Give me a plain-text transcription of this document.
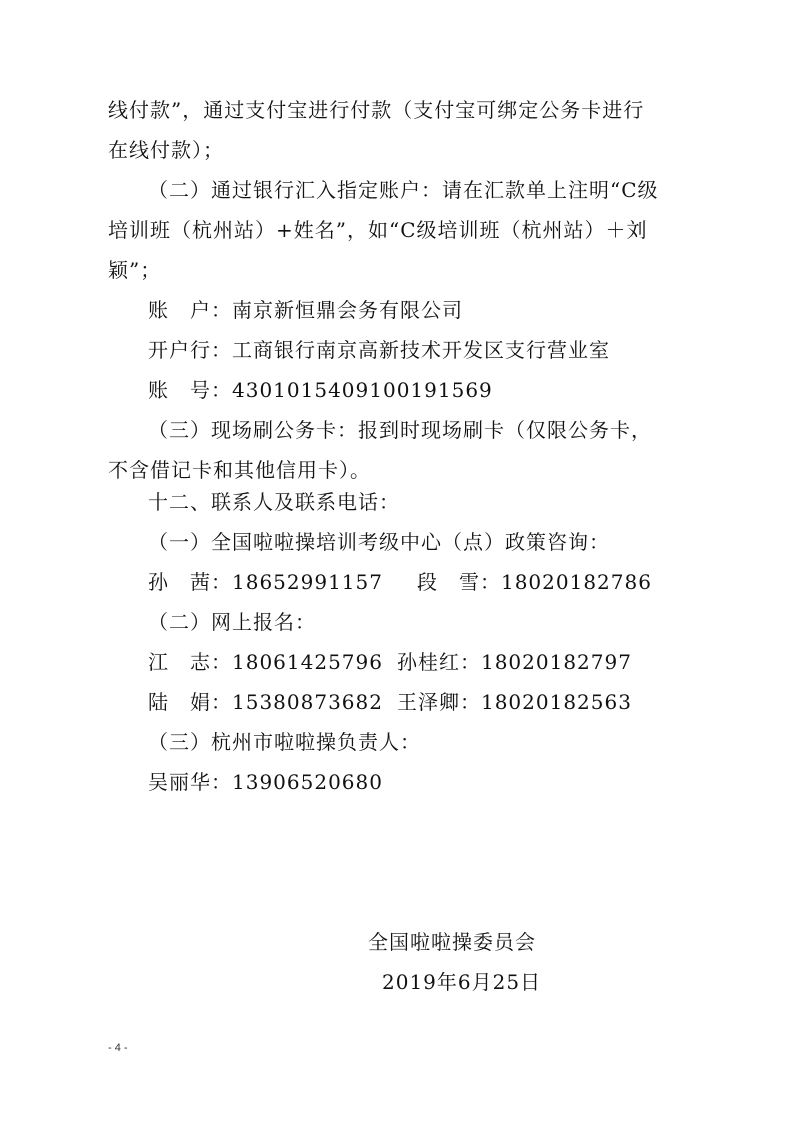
线付款”，通过支付宝进行付款（支付宝可绑定公务卡进行
在线付款）；
（二）通过银行汇入指定账户：请在汇款单上注明“C级
培训班（杭州站）+姓名”，如“C级培训班（杭州站）＋刘
颖”；
账　户：南京新恒鼎会务有限公司
开户行：工商银行南京高新技术开发区支行营业室
账　号：4301015409100191569
（三）现场刷公务卡：报到时现场刷卡（仅限公务卡，
不含借记卡和其他信用卡）。
十二、联系人及联系电话：
（一）全国啦啦操培训考级中心（点）政策咨询：
孙　茜：18652991157 段　雪：18020182786
（二）网上报名：
江　志：18061425796 孙桂红：18020182797
陆　娟：15380873682 王泽卿：18020182563
（三）杭州市啦啦操负责人：
吴丽华：13906520680
全国啦啦操委员会
2019年6月25日
- 4 -
